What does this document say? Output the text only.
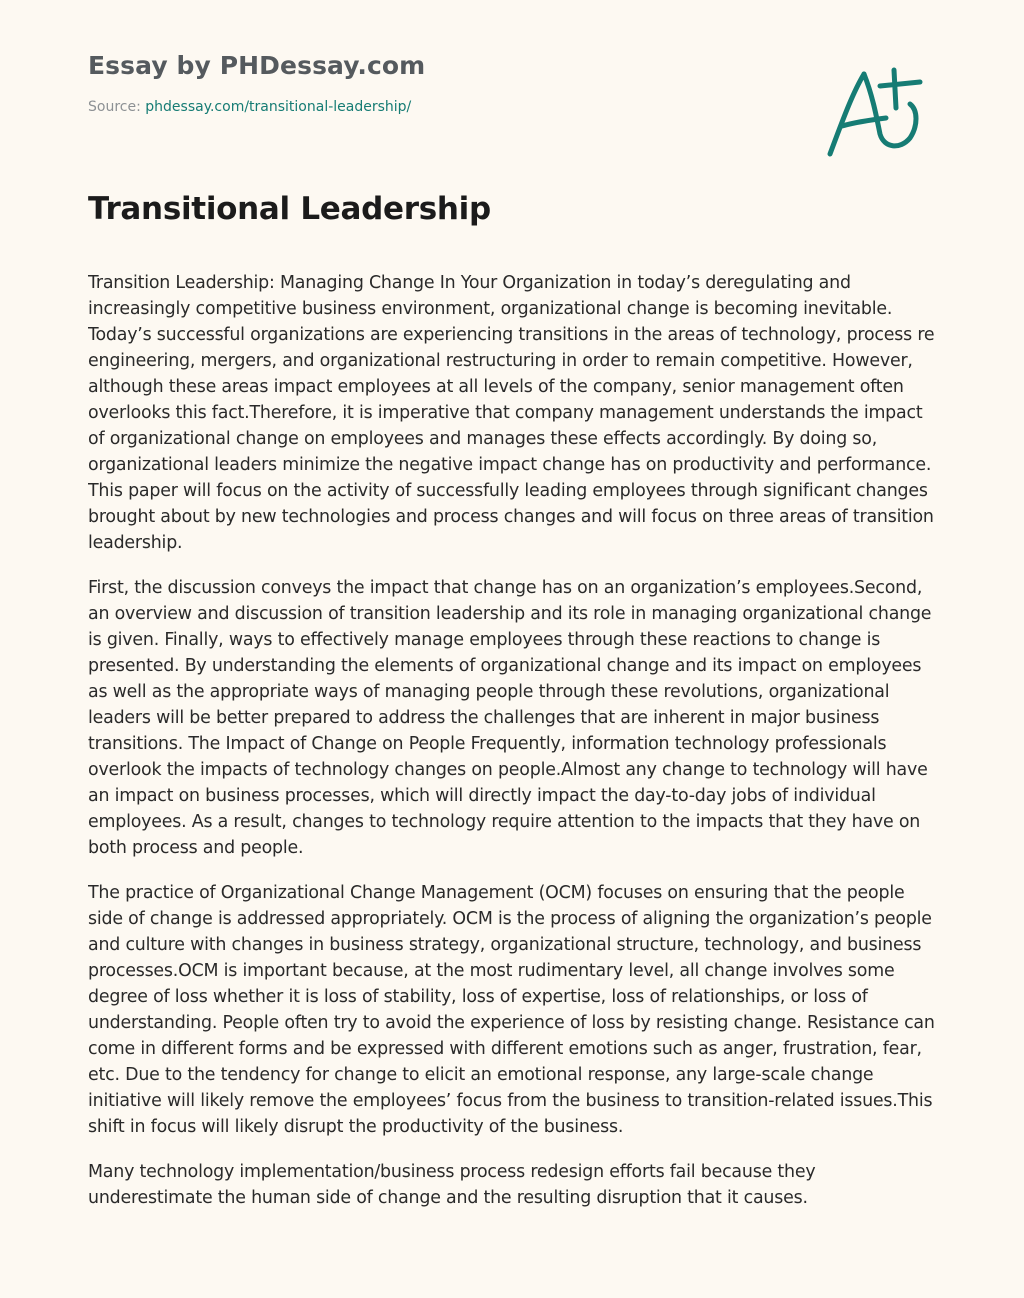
Essay by PHDessay.com
Source: phdessay.com/transitional-leadership/
Transitional Leadership

Transition Leadership: Managing Change In Your Organization in today’s deregulating and increasingly competitive business environment, organizational change is becoming inevitable. Today’s successful organizations are experiencing transitions in the areas of technology, process re engineering, mergers, and organizational restructuring in order to remain competitive. However, although these areas impact employees at all levels of the company, senior management often overlooks this fact.Therefore, it is imperative that company management understands the impact of organizational change on employees and manages these effects accordingly. By doing so, organizational leaders minimize the negative impact change has on productivity and performance. This paper will focus on the activity of successfully leading employees through significant changes brought about by new technologies and process changes and will focus on three areas of transition leadership.

First, the discussion conveys the impact that change has on an organization’s employees.Second, an overview and discussion of transition leadership and its role in managing organizational change is given. Finally, ways to effectively manage employees through these reactions to change is presented. By understanding the elements of organizational change and its impact on employees as well as the appropriate ways of managing people through these revolutions, organizational leaders will be better prepared to address the challenges that are inherent in major business transitions. The Impact of Change on People Frequently, information technology professionals overlook the impacts of technology changes on people.Almost any change to technology will have an impact on business processes, which will directly impact the day-to-day jobs of individual employees. As a result, changes to technology require attention to the impacts that they have on both process and people.

The practice of Organizational Change Management (OCM) focuses on ensuring that the people side of change is addressed appropriately. OCM is the process of aligning the organization’s people and culture with changes in business strategy, organizational structure, technology, and business processes.OCM is important because, at the most rudimentary level, all change involves some degree of loss whether it is loss of stability, loss of expertise, loss of relationships, or loss of understanding. People often try to avoid the experience of loss by resisting change. Resistance can come in different forms and be expressed with different emotions such as anger, frustration, fear, etc. Due to the tendency for change to elicit an emotional response, any large-scale change initiative will likely remove the employees’ focus from the business to transition-related issues.This shift in focus will likely disrupt the productivity of the business.

Many technology implementation/business process redesign efforts fail because they underestimate the human side of change and the resulting disruption that it causes.
